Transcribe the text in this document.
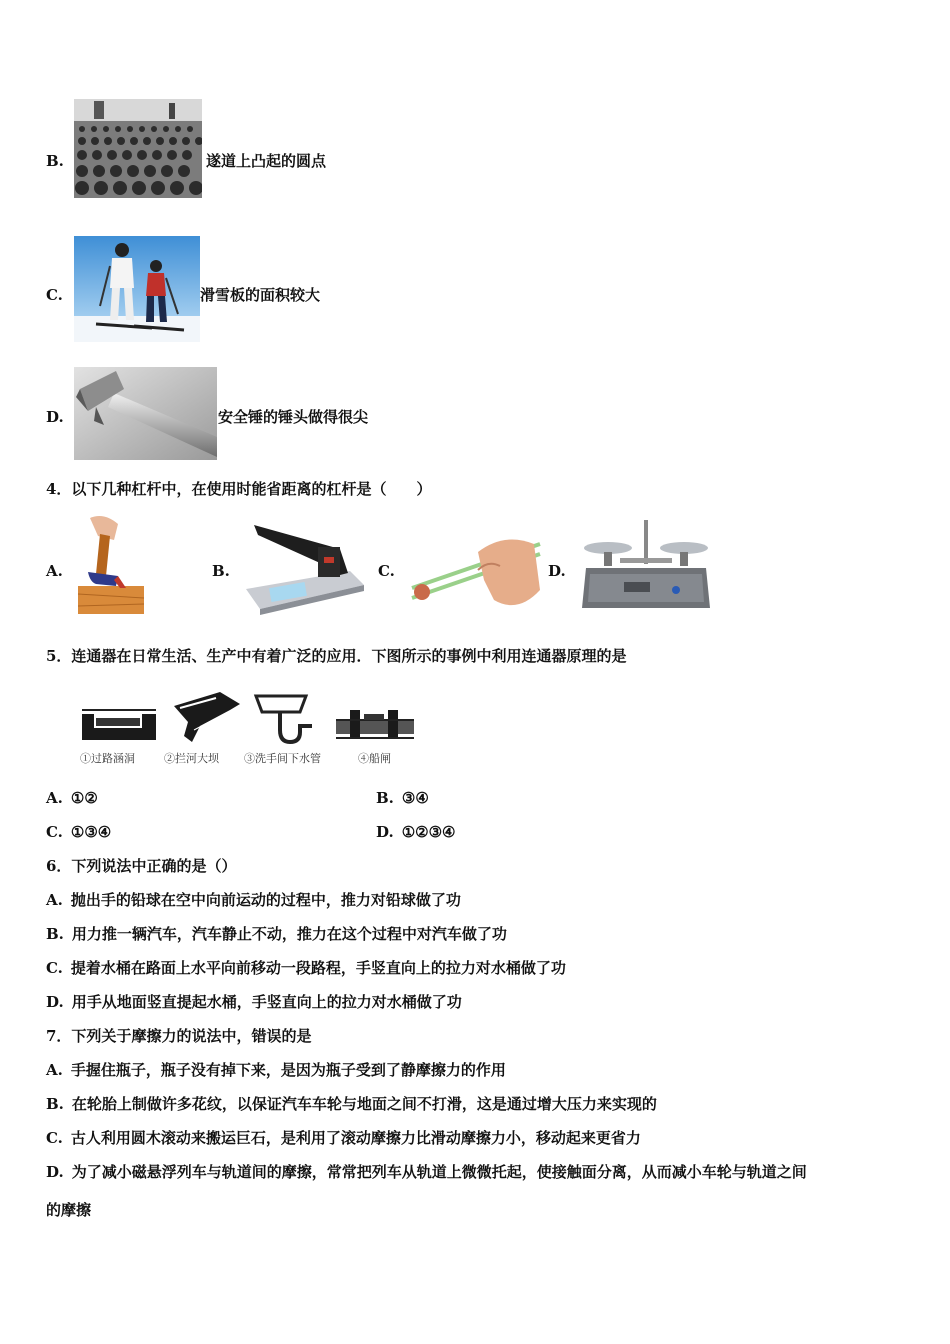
B.	遂道上凸起的圆点
C.	滑雪板的面积较大
D.	安全锤的锤头做得很尖
4．以下几种杠杆中，在使用时能省距离的杠杆是（　　）
A.	B.	C.	D.
5．连通器在日常生活、生产中有着广泛的应用．下图所示的事例中利用连通器原理的是
①过路涵洞	②拦河大坝 ③洗手间下水管	④船闸
A. ①②	B. ③④
C. ①③④	D. ①②③④
6．下列说法中正确的是（）
A. 抛出手的铅球在空中向前运动的过程中，推力对铅球做了功
B. 用力推一辆汽车，汽车静止不动，推力在这个过程中对汽车做了功
C. 提着水桶在路面上水平向前移动一段路程，手竖直向上的拉力对水桶做了功
D. 用手从地面竖直提起水桶，手竖直向上的拉力对水桶做了功
7．下列关于摩擦力的说法中，错误的是
A. 手握住瓶子，瓶子没有掉下来，是因为瓶子受到了静摩擦力的作用
B. 在轮胎上制做许多花纹，以保证汽车车轮与地面之间不打滑，这是通过增大压力来实现的
C. 古人利用圆木滚动来搬运巨石，是利用了滚动摩擦力比滑动摩擦力小，移动起来更省力
D. 为了减小磁悬浮列车与轨道间的摩擦，常常把列车从轨道上微微托起，使接触面分离，从而减小车轮与轨道之间
的摩擦
